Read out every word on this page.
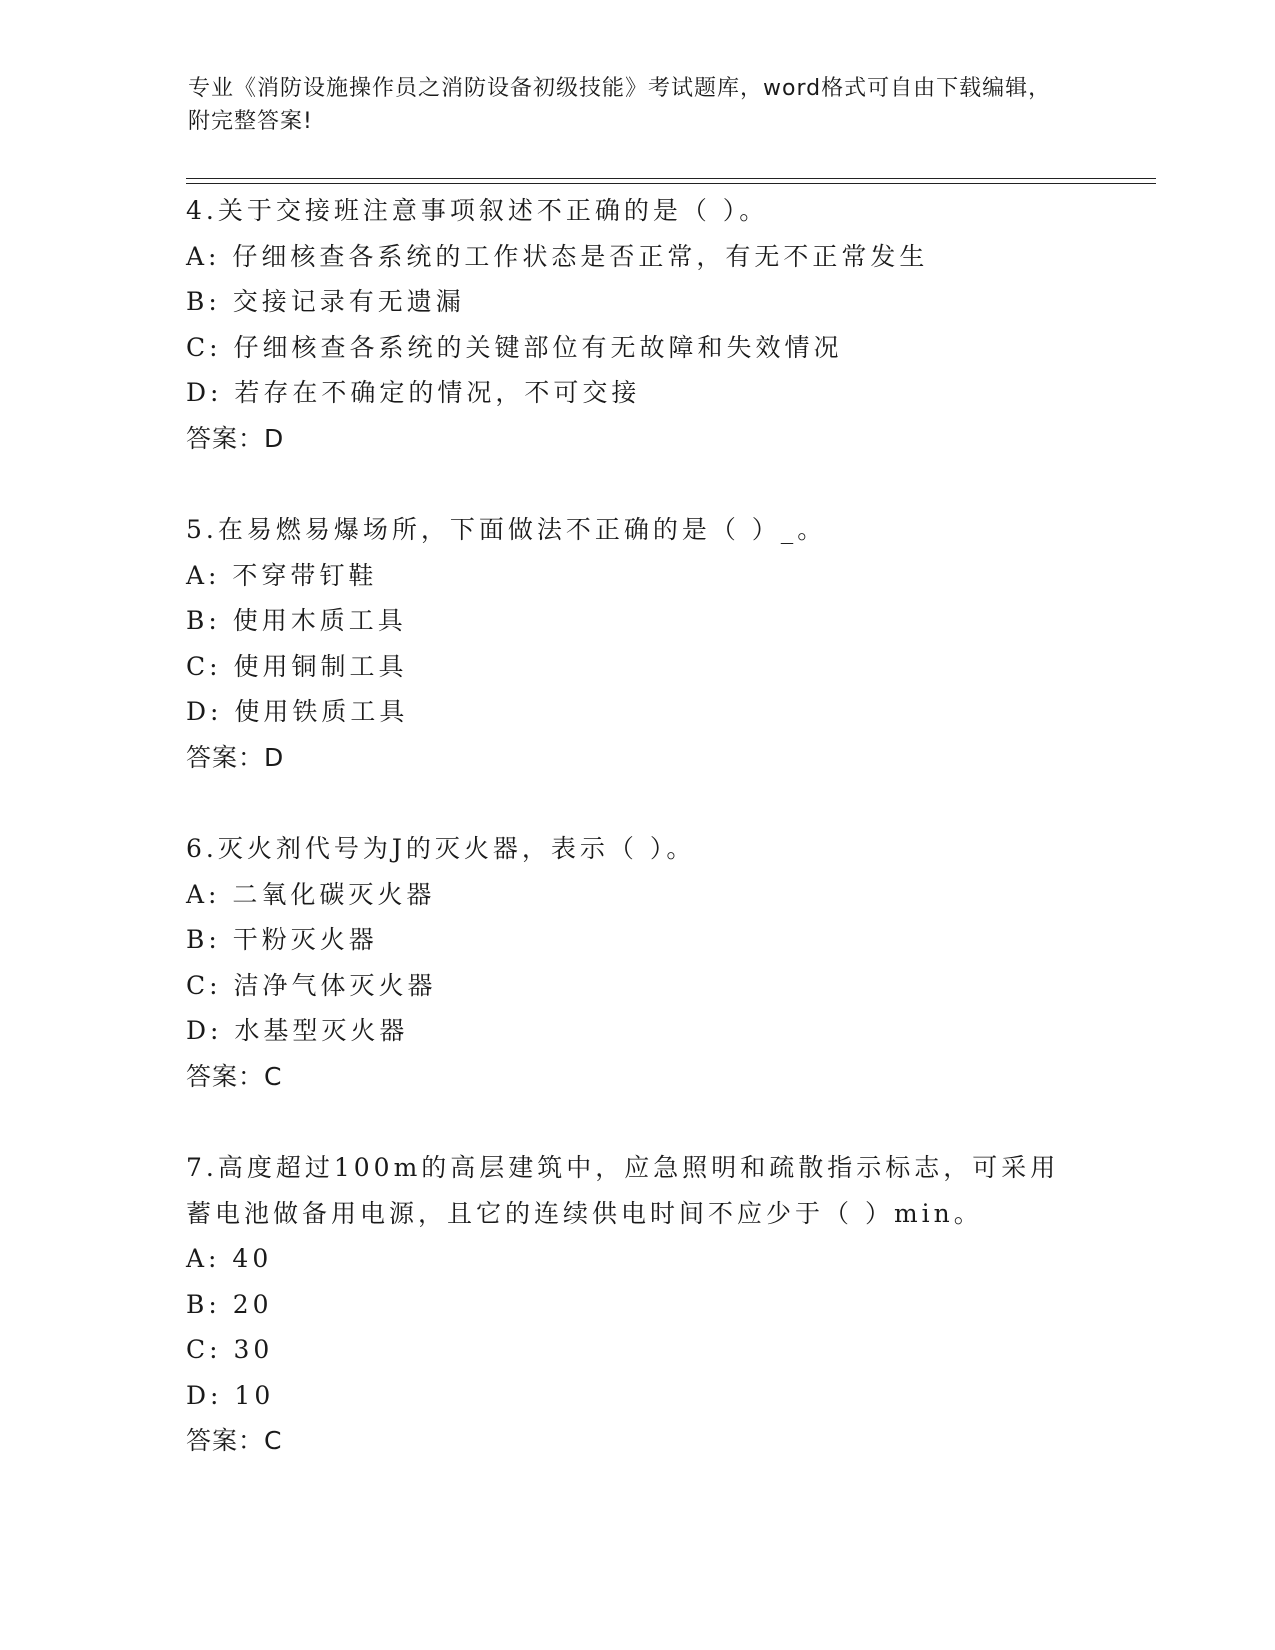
专业《消防设施操作员之消防设备初级技能》考试题库，word格式可自由下载编辑，附完整答案!
4.关于交接班注意事项叙述不正确的是（ ）。
A: 仔细核查各系统的工作状态是否正常，有无不正常发生
B: 交接记录有无遗漏
C: 仔细核查各系统的关键部位有无故障和失效情况
D: 若存在不确定的情况，不可交接
答案：D
5.在易燃易爆场所，下面做法不正确的是（ ）_。
A: 不穿带钉鞋
B: 使用木质工具
C: 使用铜制工具
D: 使用铁质工具
答案：D
6.灭火剂代号为J的灭火器，表示（ ）。
A: 二氧化碳灭火器
B: 干粉灭火器
C: 洁净气体灭火器
D: 水基型灭火器
答案：C
7.高度超过100m的高层建筑中，应急照明和疏散指示标志，可采用蓄电池做备用电源，且它的连续供电时间不应少于（ ）min。
A: 40
B: 20
C: 30
D: 10
答案：C
